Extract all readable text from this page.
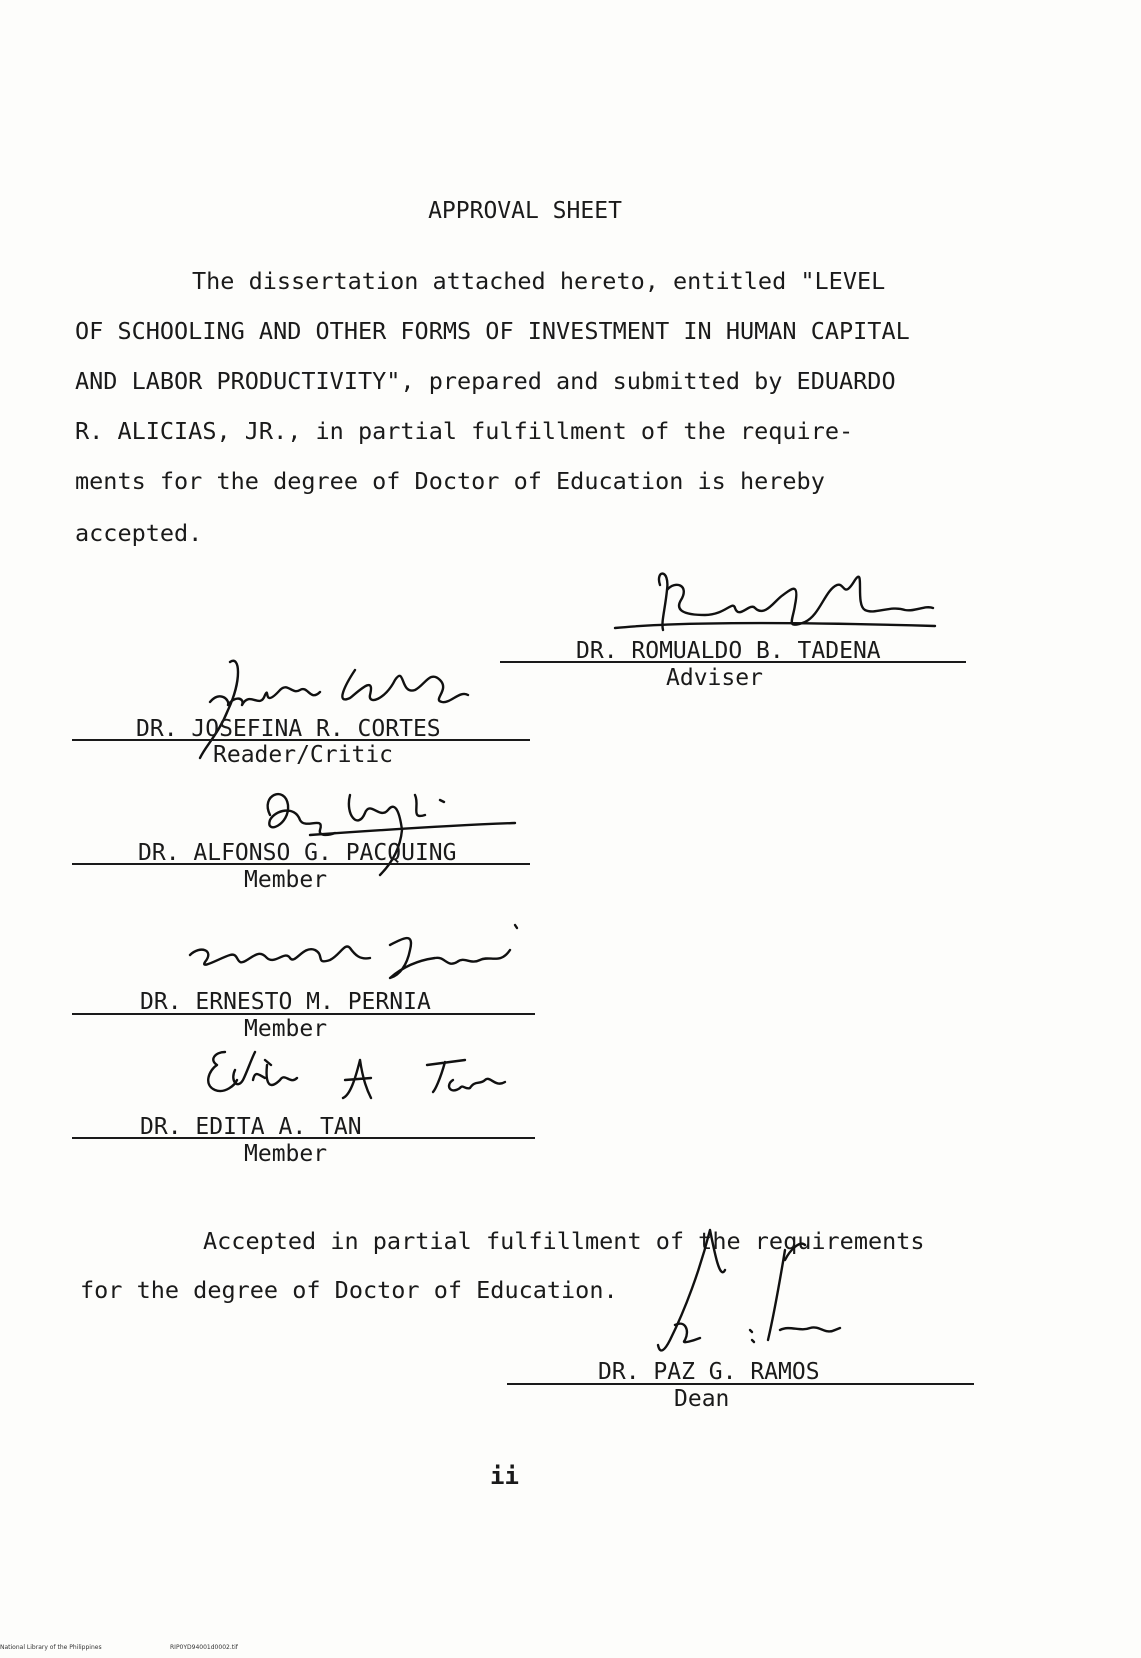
APPROVAL SHEET
The dissertation attached hereto, entitled "LEVEL
OF SCHOOLING AND OTHER FORMS OF INVESTMENT IN HUMAN CAPITAL
AND LABOR PRODUCTIVITY", prepared and submitted by EDUARDO
R. ALICIAS, JR., in partial fulfillment of the require-
ments for the degree of Doctor of Education is hereby
accepted.
DR. ROMUALDO B. TADENA
Adviser
DR. JOSEFINA R. CORTES
Reader/Critic
DR. ALFONSO G. PACQUING
Member
DR. ERNESTO M. PERNIA
Member
DR. EDITA A. TAN
Member
Accepted in partial fulfillment of the requirements
for the degree of Doctor of Education.
DR. PAZ G. RAMOS
Dean
ii
National Library of the Philippines	RIP0YD94001d0002.tif
